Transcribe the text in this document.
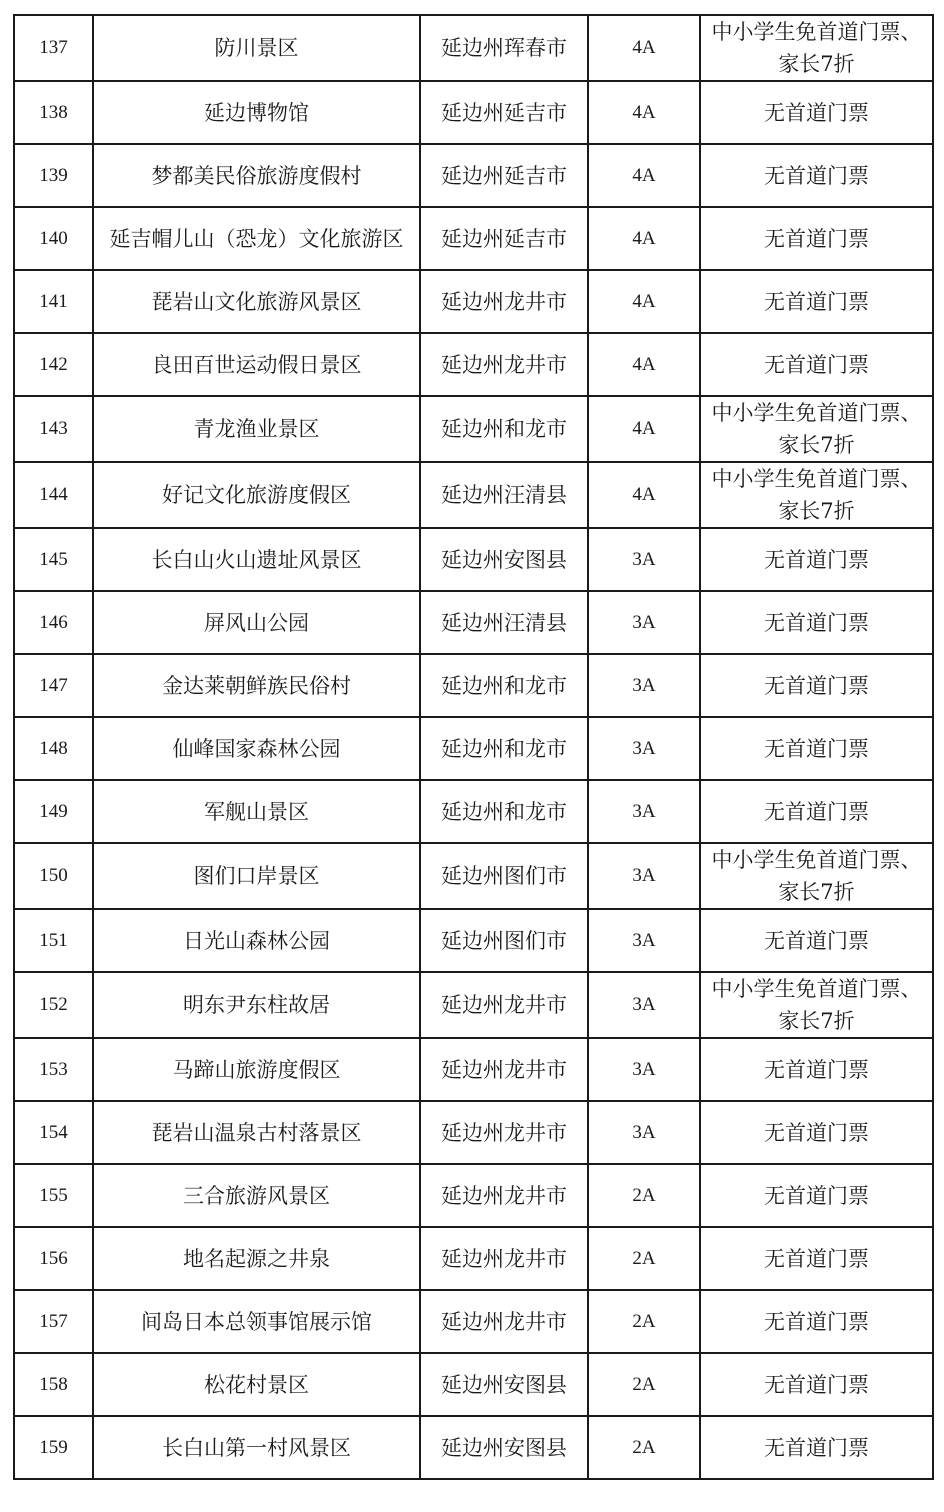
137	防川景区	延边州珲春市	4A	中小学生免首道门票、家长7折
138	延边博物馆	延边州延吉市	4A	无首道门票
139	梦都美民俗旅游度假村	延边州延吉市	4A	无首道门票
140	延吉帽儿山（恐龙）文化旅游区	延边州延吉市	4A	无首道门票
141	琵岩山文化旅游风景区	延边州龙井市	4A	无首道门票
142	良田百世运动假日景区	延边州龙井市	4A	无首道门票
143	青龙渔业景区	延边州和龙市	4A	中小学生免首道门票、家长7折
144	好记文化旅游度假区	延边州汪清县	4A	中小学生免首道门票、家长7折
145	长白山火山遗址风景区	延边州安图县	3A	无首道门票
146	屏风山公园	延边州汪清县	3A	无首道门票
147	金达莱朝鲜族民俗村	延边州和龙市	3A	无首道门票
148	仙峰国家森林公园	延边州和龙市	3A	无首道门票
149	军舰山景区	延边州和龙市	3A	无首道门票
150	图们口岸景区	延边州图们市	3A	中小学生免首道门票、家长7折
151	日光山森林公园	延边州图们市	3A	无首道门票
152	明东尹东柱故居	延边州龙井市	3A	中小学生免首道门票、家长7折
153	马蹄山旅游度假区	延边州龙井市	3A	无首道门票
154	琵岩山温泉古村落景区	延边州龙井市	3A	无首道门票
155	三合旅游风景区	延边州龙井市	2A	无首道门票
156	地名起源之井泉	延边州龙井市	2A	无首道门票
157	间岛日本总领事馆展示馆	延边州龙井市	2A	无首道门票
158	松花村景区	延边州安图县	2A	无首道门票
159	长白山第一村风景区	延边州安图县	2A	无首道门票
